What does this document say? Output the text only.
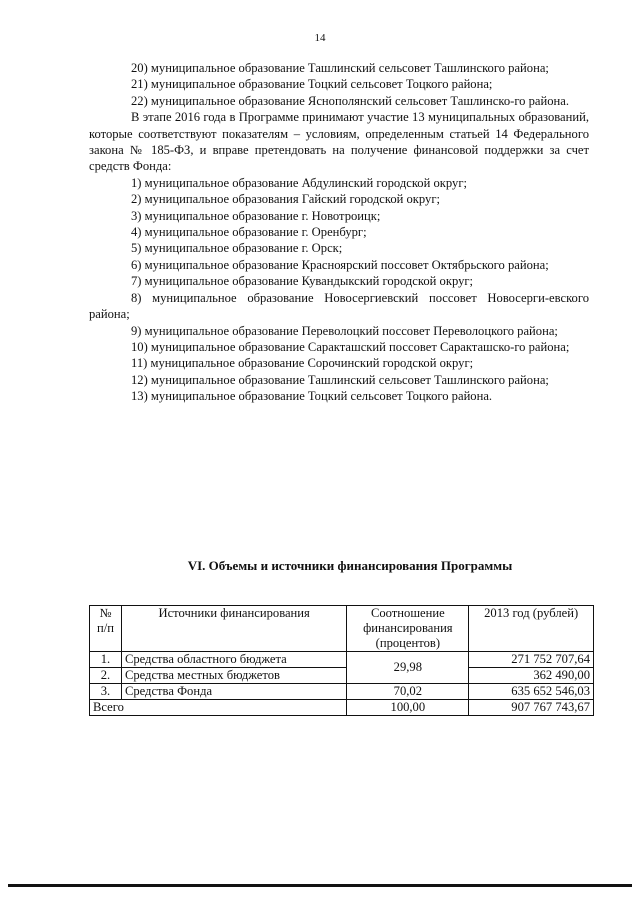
14

20) муниципальное образование Ташлинский сельсовет Ташлинского района;

21) муниципальное образование Тоцкий сельсовет Тоцкого района;

22) муниципальное образование Яснополянский сельсовет Ташлинско-го района.

В этапе 2016 года в Программе принимают участие 13 муниципальных образований, которые соответствуют показателям – условиям, определенным статьей 14 Федерального закона № 185-ФЗ, и вправе претендовать на получение финансовой поддержки за счет средств Фонда:

1) муниципальное образование Абдулинский городской округ;

2) муниципальное образования Гайский городской округ;

3) муниципальное образование г. Новотроицк;

4) муниципальное образование г. Оренбург;

5) муниципальное образование г. Орск;

6) муниципальное образование Красноярский поссовет Октябрьского района;

7) муниципальное образование Кувандыкский городской округ;

8) муниципальное образование Новосергиевский поссовет Новосерги-евского района;

9) муниципальное образование Переволоцкий поссовет Переволоцкого района;

10) муниципальное образование Саракташский поссовет Саракташско-го района;

11) муниципальное образование Сорочинский городской округ;

12) муниципальное образование Ташлинский сельсовет Ташлинского района;

13) муниципальное образование Тоцкий сельсовет Тоцкого района.

VI. Объемы и источники финансирования Программы
№ п/п	Источники финансирования	Соотношение финансирования (процентов)	2013 год (рублей)
1.	Средства областного бюджета	29,98	271 752 707,64
2.	Средства местных бюджетов		362 490,00
3.	Средства Фонда	70,02	635 652 546,03
Всего		100,00	907 767 743,67
